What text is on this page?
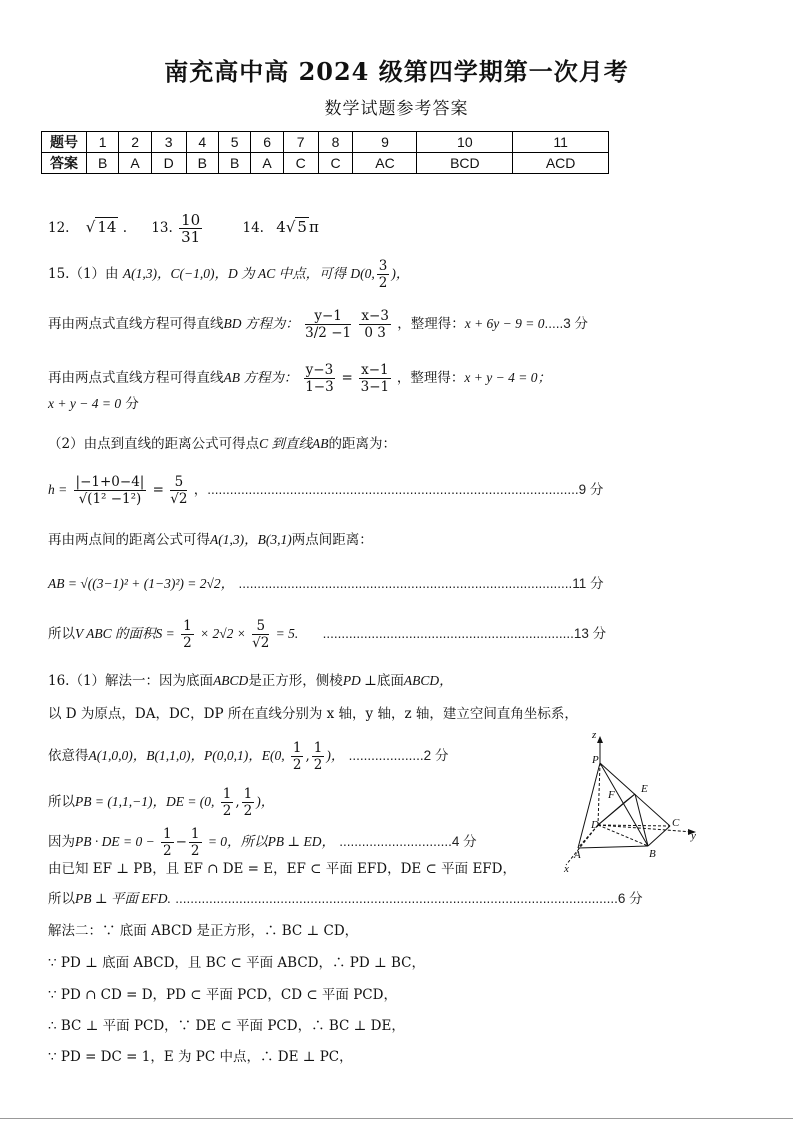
南充高中高 2024 级第四学期第一次月考
数学试题参考答案
题号	1	2	3	4	5	6	7	8	9	10	11
答案	B	A	D	B	B	A	C	C	AC	BCD	ACD
12. √ 14 . 13. $\frac{10}{31}$	14. 4√ 5 π
15.（1）由 A(1,3)，C(−1,0)，D 为 AC 中点，可得 D(0, $\frac{3}{2}$ )，
再由两点式直线方程可得直线BD 方程为： $\frac{y-1}{3/2 -1}$
$\frac{x-3}{0 3}$ ，整理得：x + 6y − 9 = 0.....3 分
再由两点式直线方程可得直线AB 方程为： $\frac{y-3}{1-3} = \frac{x-1}{3-1}$ ，整理得：x + y − 4 = 0；
x + y − 4 = 0 分
（2）由点到直线的距离公式可得点C 到直线AB的距离为：
$h = \frac{|-1+0-4|}{\text{√(1² −1²)}} = \frac{5}{√2}$ ，...................................................................................................9 分
再由两点间的距离公式可得A(1,3)，B(3,1)两点间距离：
AB = √((3−1)² + (1−3)²) = 2√2， .........................................................................................11 分
所以V ABC 的面积$S = \frac{1}{2} \times 2√2 \times \frac{5}{√2} = 5$. ...................................................................13 分
16.（1）解法一：因为底面ABCD是正方形，侧棱PD ⊥底面ABCD，
以 D 为原点，DA，DC，DP 所在直线分别为 x 轴，y 轴，z 轴，建立空间直角坐标系，
依意得A(1,0,0)，B(1,1,0)，P(0,0,1)，E(0, $\frac{1}{2}$ , $\frac{1}{2}$ )， ....................2 分
所以PB = (1,1,−1)，DE = (0, $\frac{1}{2}$ , $\frac{1}{2}$ )，
因为PB · DE = $0 - \frac{1}{2} - \frac{1}{2} = 0$，所以PB ⊥ ED， ..............................4 分
由已知 EF ⊥ PB，且 EF ∩ DE = E，EF ⊂ 平面 EFD，DE ⊂ 平面 EFD，
所以PB ⊥ 平面 EFD. ......................................................................................................................6 分
解法二：∵ 底面 ABCD 是正方形，∴ BC ⊥ CD，
∵ PD ⊥ 底面 ABCD，且 BC ⊂ 平面 ABCD，∴ PD ⊥ BC，
∵ PD ∩ CD = D，PD ⊂ 平面 PCD，CD ⊂ 平面 PCD，
∴ BC ⊥ 平面 PCD，∵ DE ⊂ 平面 PCD，∴ BC ⊥ DE，
∵ PD = DC = 1，E 为 PC 中点，∴ DE ⊥ PC，
z
P
E
F
D	C
y
A	B
x
